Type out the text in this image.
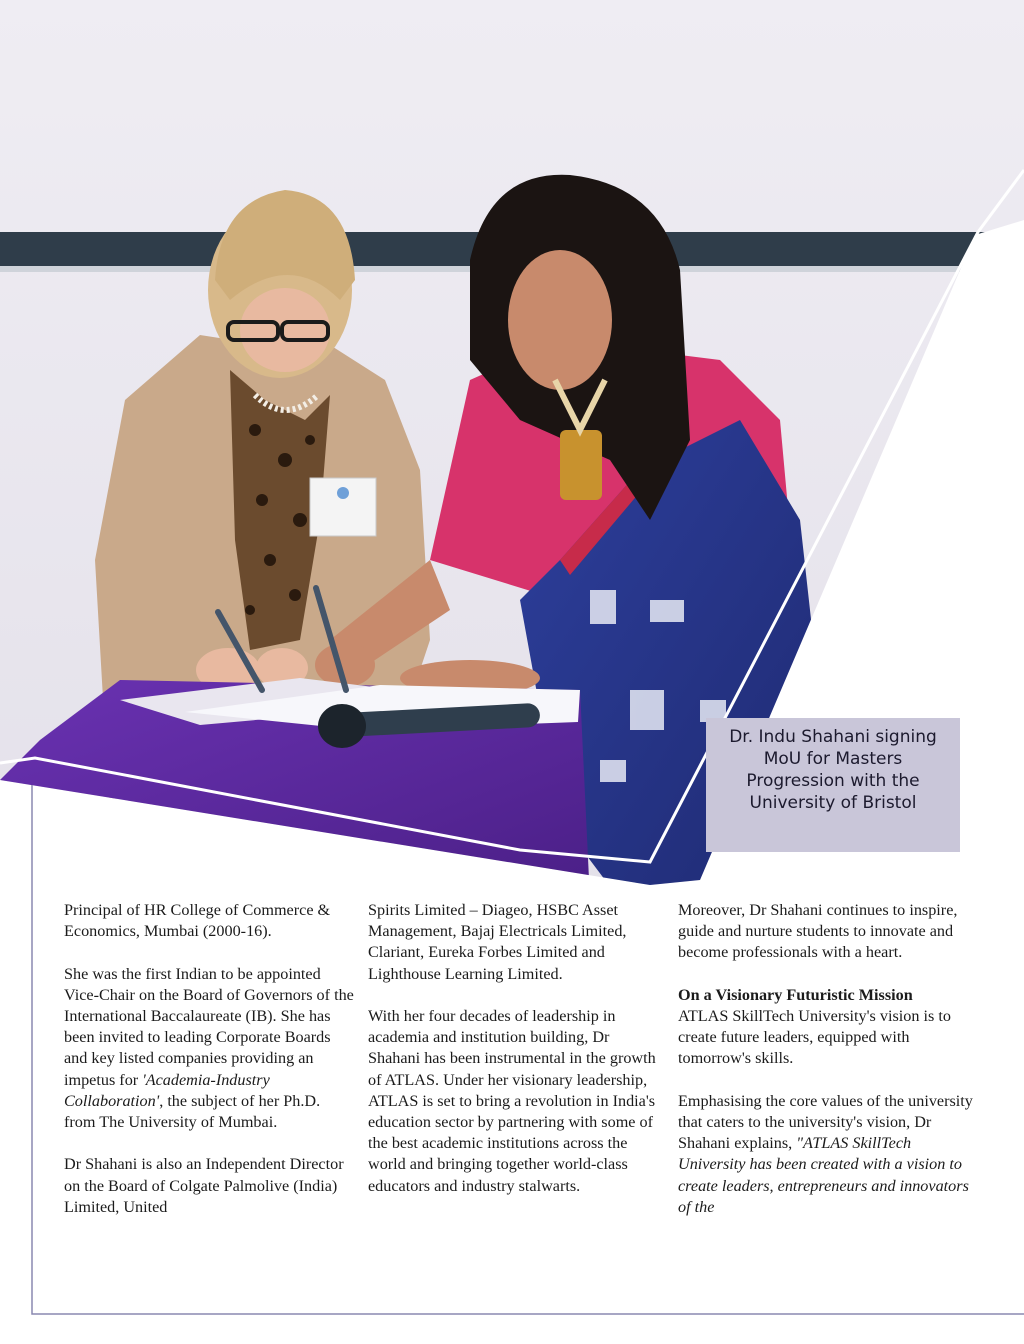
Dr. Indu Shahani signing MoU for Masters Progression with the University of Bristol

Principal of HR College of Commerce & Economics, Mumbai (2000-16).

She was the first Indian to be appointed Vice-Chair on the Board of Governors of the International Baccalaureate (IB). She has been invited to leading Corporate Boards and key listed companies providing an impetus for 'Academia-Industry Collaboration', the subject of her Ph.D. from The University of Mumbai.

Dr Shahani is also an Independent Director on the Board of Colgate Palmolive (India) Limited, United

Spirits Limited – Diageo, HSBC Asset Management, Bajaj Electricals Limited, Clariant, Eureka Forbes Limited and Lighthouse Learning Limited.

With her four decades of leadership in academia and institution building, Dr Shahani has been instrumental in the growth of ATLAS. Under her visionary leadership, ATLAS is set to bring a revolution in India's education sector by partnering with some of the best academic institutions across the world and bringing together world-class educators and industry stalwarts.

Moreover, Dr Shahani continues to inspire, guide and nurture students to innovate and become professionals with a heart.

On a Visionary Futuristic Mission
ATLAS SkillTech University's vision is to create future leaders, equipped with tomorrow's skills.

Emphasising the core values of the university that caters to the university's vision, Dr Shahani explains, "ATLAS SkillTech University has been created with a vision to create leaders, entrepreneurs and innovators of the
